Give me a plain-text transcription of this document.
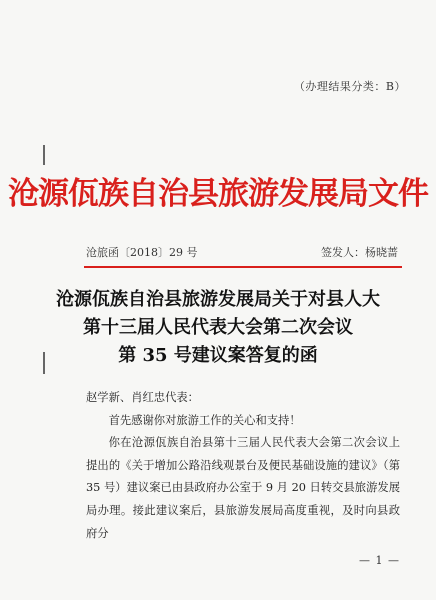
（办理结果分类：B）
沧源佤族自治县旅游发展局文件
沧旅函〔2018〕29 号	签发人：杨晓蔷
沧源佤族自治县旅游发展局关于对县人大
第十三届人民代表大会第二次会议
第 35 号建议案答复的函
赵学新、肖红忠代表：
首先感谢你对旅游工作的关心和支持！
你在沧源佤族自治县第十三届人民代表大会第二次会议上提出的《关于增加公路沿线观景台及便民基础设施的建议》（第 35 号）建议案已由县政府办公室于 9 月 20 日转交县旅游发展局办理。接此建议案后，县旅游发展局高度重视，及时向县政府分
— 1 —
